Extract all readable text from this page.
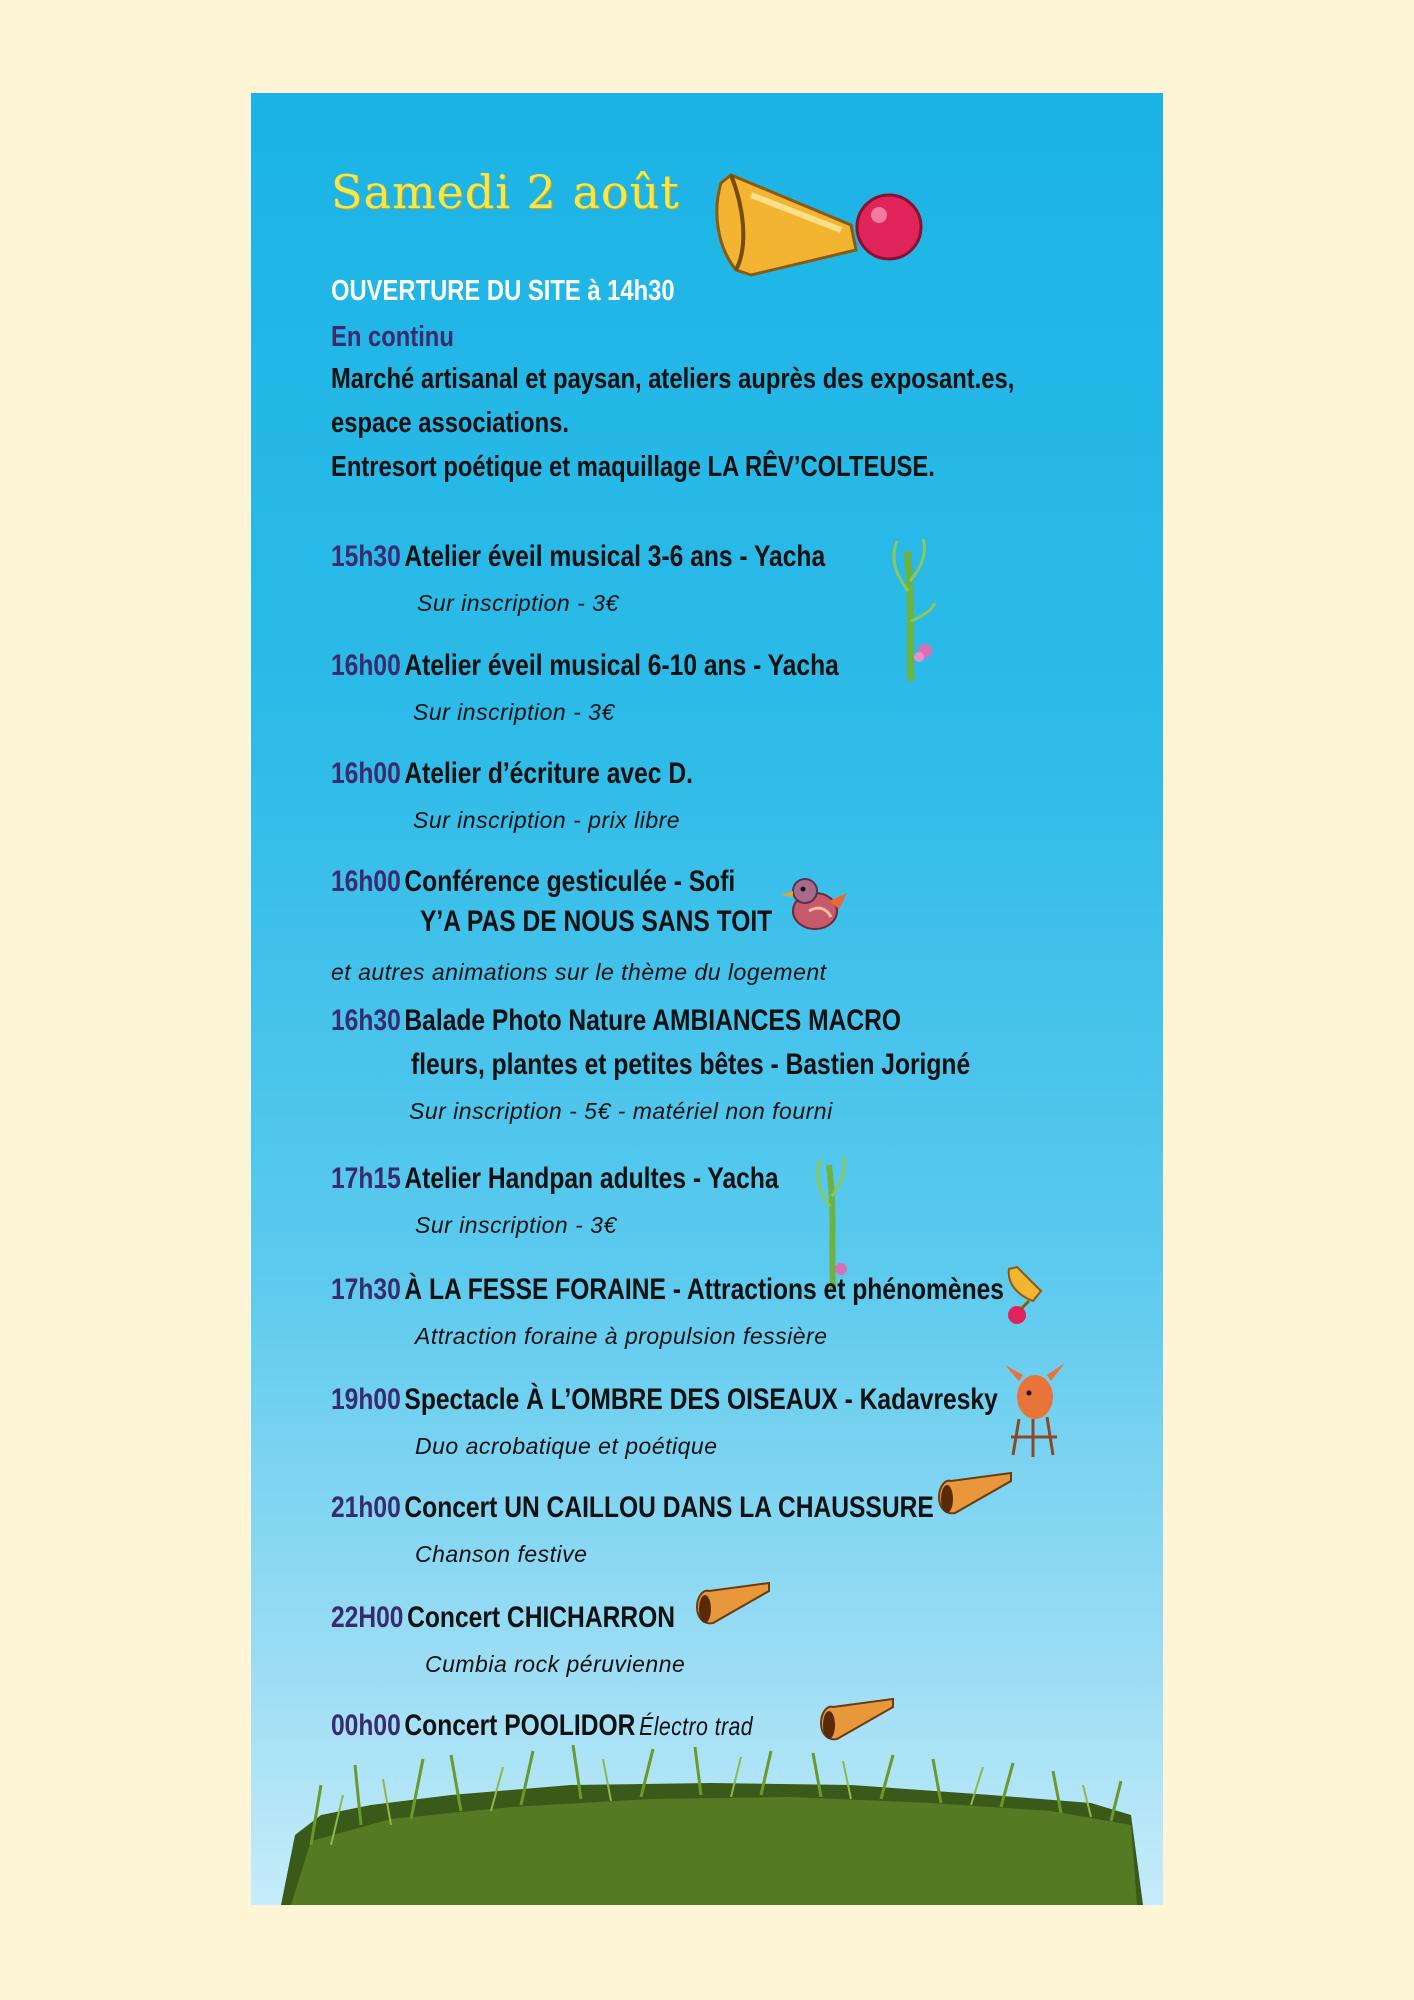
Samedi 2 août
OUVERTURE DU SITE à 14h30
En continu
Marché artisanal et paysan, ateliers auprès des exposant.es,
espace associations.
Entresort poétique et maquillage LA RÊV’COLTEUSE.
15h30 Atelier éveil musical 3-6 ans - Yacha
Sur inscription - 3€
16h00 Atelier éveil musical 6-10 ans - Yacha
Sur inscription - 3€
16h00 Atelier d’écriture avec D.
Sur inscription - prix libre
16h00 Conférence gesticulée - Sofi
Y’A PAS DE NOUS SANS TOIT
et autres animations sur le thème du logement
16h30 Balade Photo Nature AMBIANCES MACRO
fleurs, plantes et petites bêtes - Bastien Jorigné
Sur inscription - 5€ - matériel non fourni
17h15 Atelier Handpan adultes - Yacha
Sur inscription - 3€
17h30 À LA FESSE FORAINE - Attractions et phénomènes
Attraction foraine à propulsion fessière
19h00 Spectacle À L’OMBRE DES OISEAUX - Kadavresky
Duo acrobatique et poétique
21h00 Concert UN CAILLOU DANS LA CHAUSSURE
Chanson festive
22H00 Concert CHICHARRON
Cumbia rock péruvienne
00h00 Concert POOLIDOR Électro trad
